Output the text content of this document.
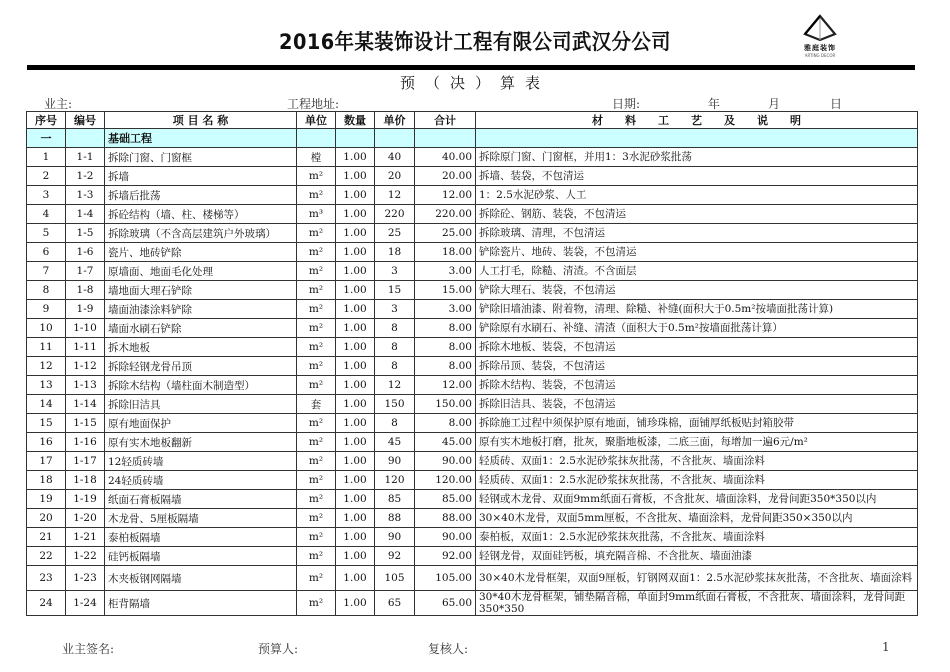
2016年某装饰设计工程有限公司武汉分公司	雅庭装饰
ARTING DECOR
预（决）算表
业主:	工程地址:	日期:	年	月	日
序号	编号	项 目 名 称	单位	数量	单价	合计	材　　料　　工　　艺　　及　　说　　明
一		基础工程					
1	1-1	拆除门窗、门窗框	樘	1.00	40	40.00	拆除原门窗、门窗框，并用1：3水泥砂浆批荡
2	1-2	拆墙	m²	1.00	20	20.00	拆墙、装袋，不包清运
3	1-3	拆墙后批荡	m²	1.00	12	12.00	1：2.5水泥砂浆、人工
4	1-4	拆砼结构（墙、柱、楼梯等）	m³	1.00	220	220.00	拆除砼、钢筋、装袋，不包清运
5	1-5	拆除玻璃（不含高层建筑户外玻璃）	m²	1.00	25	25.00	拆除玻璃、清理，不包清运
6	1-6	瓷片、地砖铲除	m²	1.00	18	18.00	铲除瓷片、地砖、装袋，不包清运
7	1-7	原墙面、地面毛化处理	m²	1.00	3	3.00	人工打毛，除糙、清渣。不含面层
8	1-8	墙地面大理石铲除	m²	1.00	15	15.00	铲除大理石、装袋，不包清运
9	1-9	墙面油漆涂料铲除	m²	1.00	3	3.00	铲除旧墙油漆、附着物，清理、除糙、补缝(面积大于0.5m²按墙面批荡计算)
10	1-10	墙面水刷石铲除	m²	1.00	8	8.00	铲除原有水刷石、补缝、清渣（面积大于0.5m²按墙面批荡计算）
11	1-11	拆木地板	m²	1.00	8	8.00	拆除木地板、装袋，不包清运
12	1-12	拆除轻钢龙骨吊顶	m²	1.00	8	8.00	拆除吊顶、装袋，不包清运
13	1-13	拆除木结构（墙柱面木制造型）	m²	1.00	12	12.00	拆除木结构、装袋，不包清运
14	1-14	拆除旧洁具	套	1.00	150	150.00	拆除旧洁具、装袋，不包清运
15	1-15	原有地面保护	m²	1.00	8	8.00	拆除施工过程中须保护原有地面，铺珍珠棉，面铺厚纸板贴封箱胶带
16	1-16	原有实木地板翻新	m²	1.00	45	45.00	原有实木地板打磨，批灰，聚脂地板漆，二底三面，每增加一遍6元/m²
17	1-17	12轻质砖墙	m²	1.00	90	90.00	轻质砖、双面1：2.5水泥砂浆抹灰批荡，不含批灰、墙面涂料
18	1-18	24轻质砖墙	m²	1.00	120	120.00	轻质砖、双面1：2.5水泥砂浆抹灰批荡，不含批灰、墙面涂料
19	1-19	纸面石膏板隔墙	m²	1.00	85	85.00	轻钢或木龙骨、双面9mm纸面石膏板，不含批灰、墙面涂料，龙骨间距350*350以内
20	1-20	木龙骨、5厘板隔墙	m²	1.00	88	88.00	30×40木龙骨，双面5mm厘板，不含批灰、墙面涂料，龙骨间距350×350以内
21	1-21	泰柏板隔墙	m²	1.00	90	90.00	泰柏板，双面1：2.5水泥砂浆抹灰批荡，不含批灰、墙面涂料
22	1-22	硅钙板隔墙	m²	1.00	92	92.00	轻钢龙骨，双面硅钙板，填充隔音棉、不含批灰、墙面油漆
23	1-23	木夹板钢网隔墙	m²	1.00	105	105.00	30×40木龙骨框架，双面9厘板，钉钢网双面1：2.5水泥砂浆抹灰批荡，不含批灰、墙面涂料
24	1-24	柜背隔墙	m²	1.00	65	65.00	30*40木龙骨框架，铺垫隔音棉，单面封9mm纸面石膏板，不含批灰、墙面涂料，龙骨间距350*350
业主签名:	预算人:	复核人:	1
